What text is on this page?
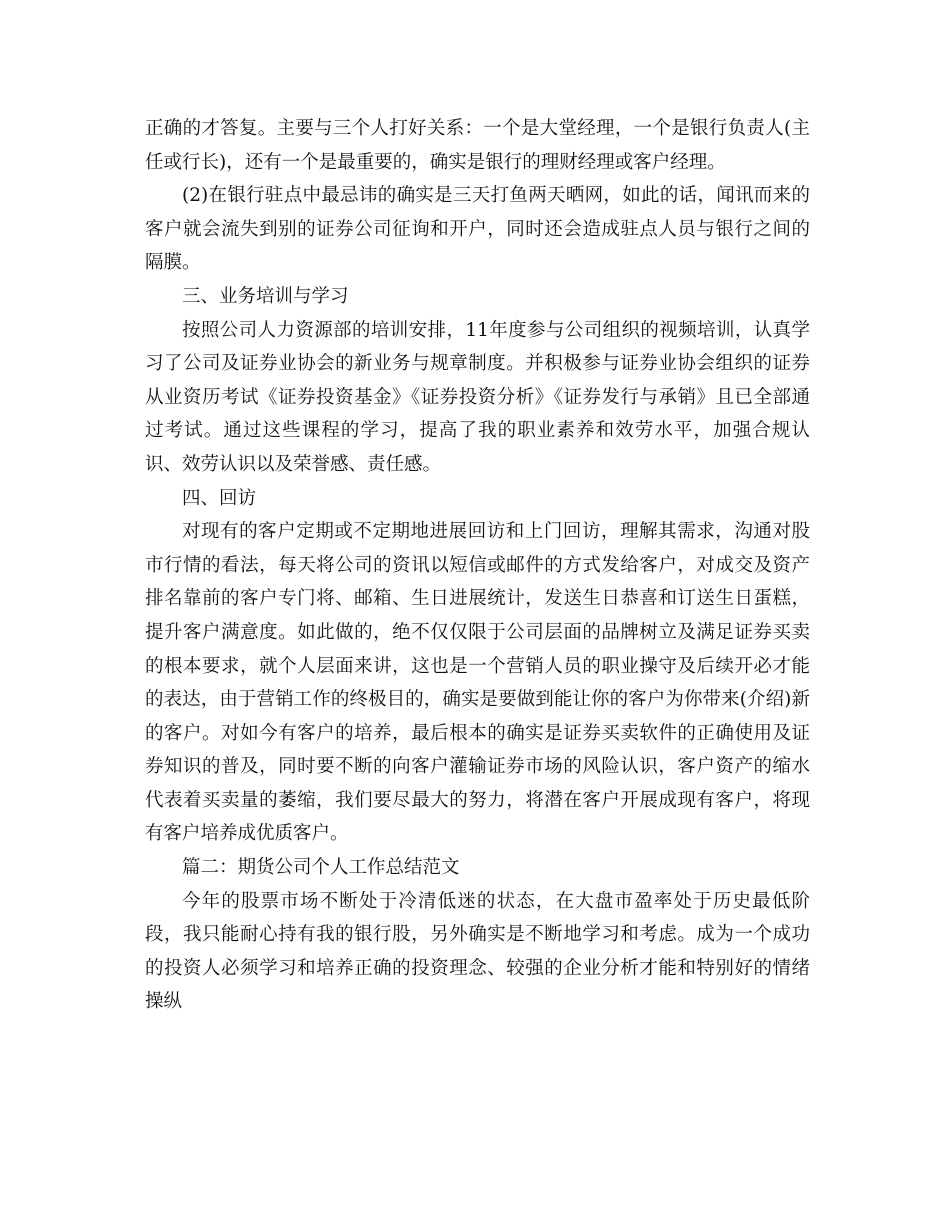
正确的才答复。主要与三个人打好关系：一个是大堂经理，一个是银行负责人(主任或行长)，还有一个是最重要的，确实是银行的理财经理或客户经理。

(2)在银行驻点中最忌讳的确实是三天打鱼两天晒网，如此的话，闻讯而来的客户就会流失到别的证券公司征询和开户，同时还会造成驻点人员与银行之间的隔膜。

三、业务培训与学习

按照公司人力资源部的培训安排，11年度参与公司组织的视频培训，认真学习了公司及证券业协会的新业务与规章制度。并积极参与证券业协会组织的证券从业资历考试《证券投资基金》《证券投资分析》《证券发行与承销》且已全部通过考试。通过这些课程的学习，提高了我的职业素养和效劳水平，加强合规认识、效劳认识以及荣誉感、责任感。

四、回访

对现有的客户定期或不定期地进展回访和上门回访，理解其需求，沟通对股市行情的看法，每天将公司的资讯以短信或邮件的方式发给客户，对成交及资产排名靠前的客户专门将、邮箱、生日进展统计，发送生日恭喜和订送生日蛋糕，提升客户满意度。如此做的，绝不仅仅限于公司层面的品牌树立及满足证券买卖的根本要求，就个人层面来讲，这也是一个营销人员的职业操守及后续开必才能的表达，由于营销工作的终极目的，确实是要做到能让你的客户为你带来(介绍)新的客户。对如今有客户的培养，最后根本的确实是证券买卖软件的正确使用及证券知识的普及，同时要不断的向客户灌输证券市场的风险认识，客户资产的缩水代表着买卖量的萎缩，我们要尽最大的努力，将潜在客户开展成现有客户，将现有客户培养成优质客户。

篇二：期货公司个人工作总结范文

今年的股票市场不断处于冷清低迷的状态，在大盘市盈率处于历史最低阶段，我只能耐心持有我的银行股，另外确实是不断地学习和考虑。成为一个成功的投资人必须学习和培养正确的投资理念、较强的企业分析才能和特别好的情绪操纵
